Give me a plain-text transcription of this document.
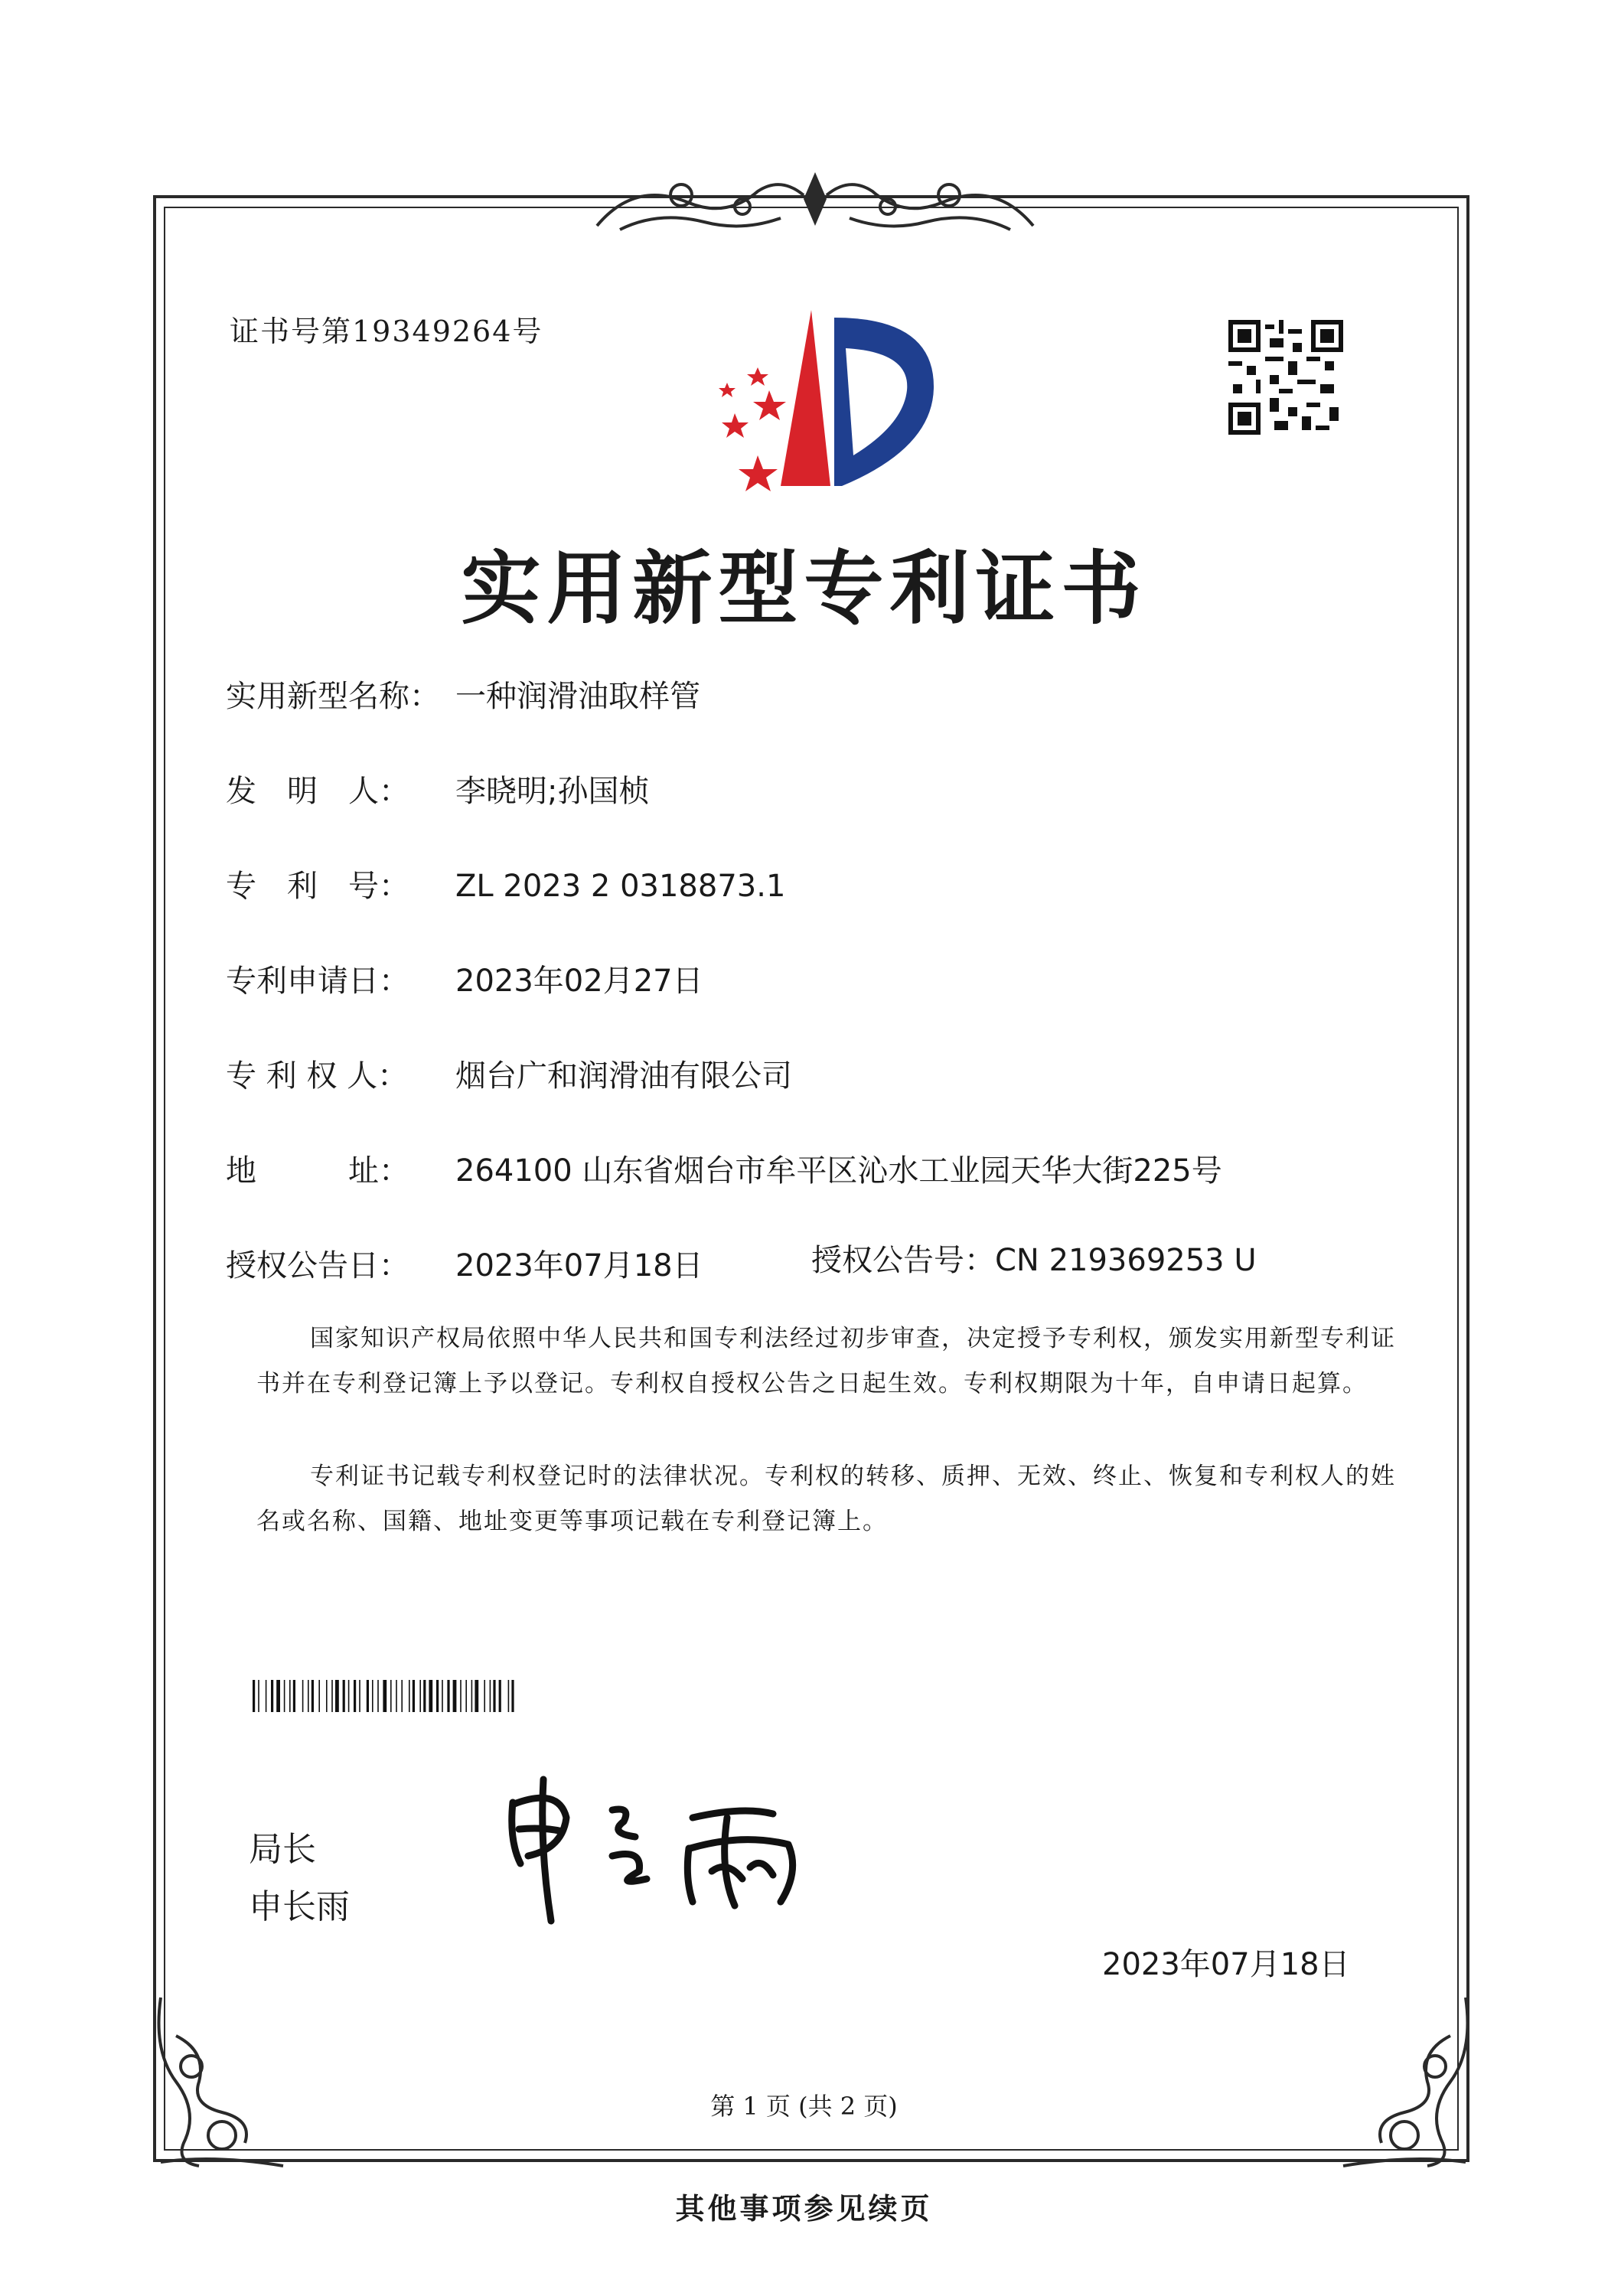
证书号第19349264号
实用新型专利证书
实用新型名称： 一种润滑油取样管
发　明　人： 李晓明;孙国桢
专　利　号： ZL 2023 2 0318873.1
专利申请日： 2023年02月27日
专 利 权 人： 烟台广和润滑油有限公司
地　　　址： 264100 山东省烟台市牟平区沁水工业园天华大街225号
授权公告日： 2023年07月18日	授权公告号：CN 219369253 U
国家知识产权局依照中华人民共和国专利法经过初步审查，决定授予专利权，颁发实用新型专利证书并在专利登记簿上予以登记。专利权自授权公告之日起生效。专利权期限为十年，自申请日起算。
专利证书记载专利权登记时的法律状况。专利权的转移、质押、无效、终止、恢复和专利权人的姓名或名称、国籍、地址变更等事项记载在专利登记簿上。
局长
申长雨
2023年07月18日
第 1 页 (共 2 页)
其他事项参见续页
